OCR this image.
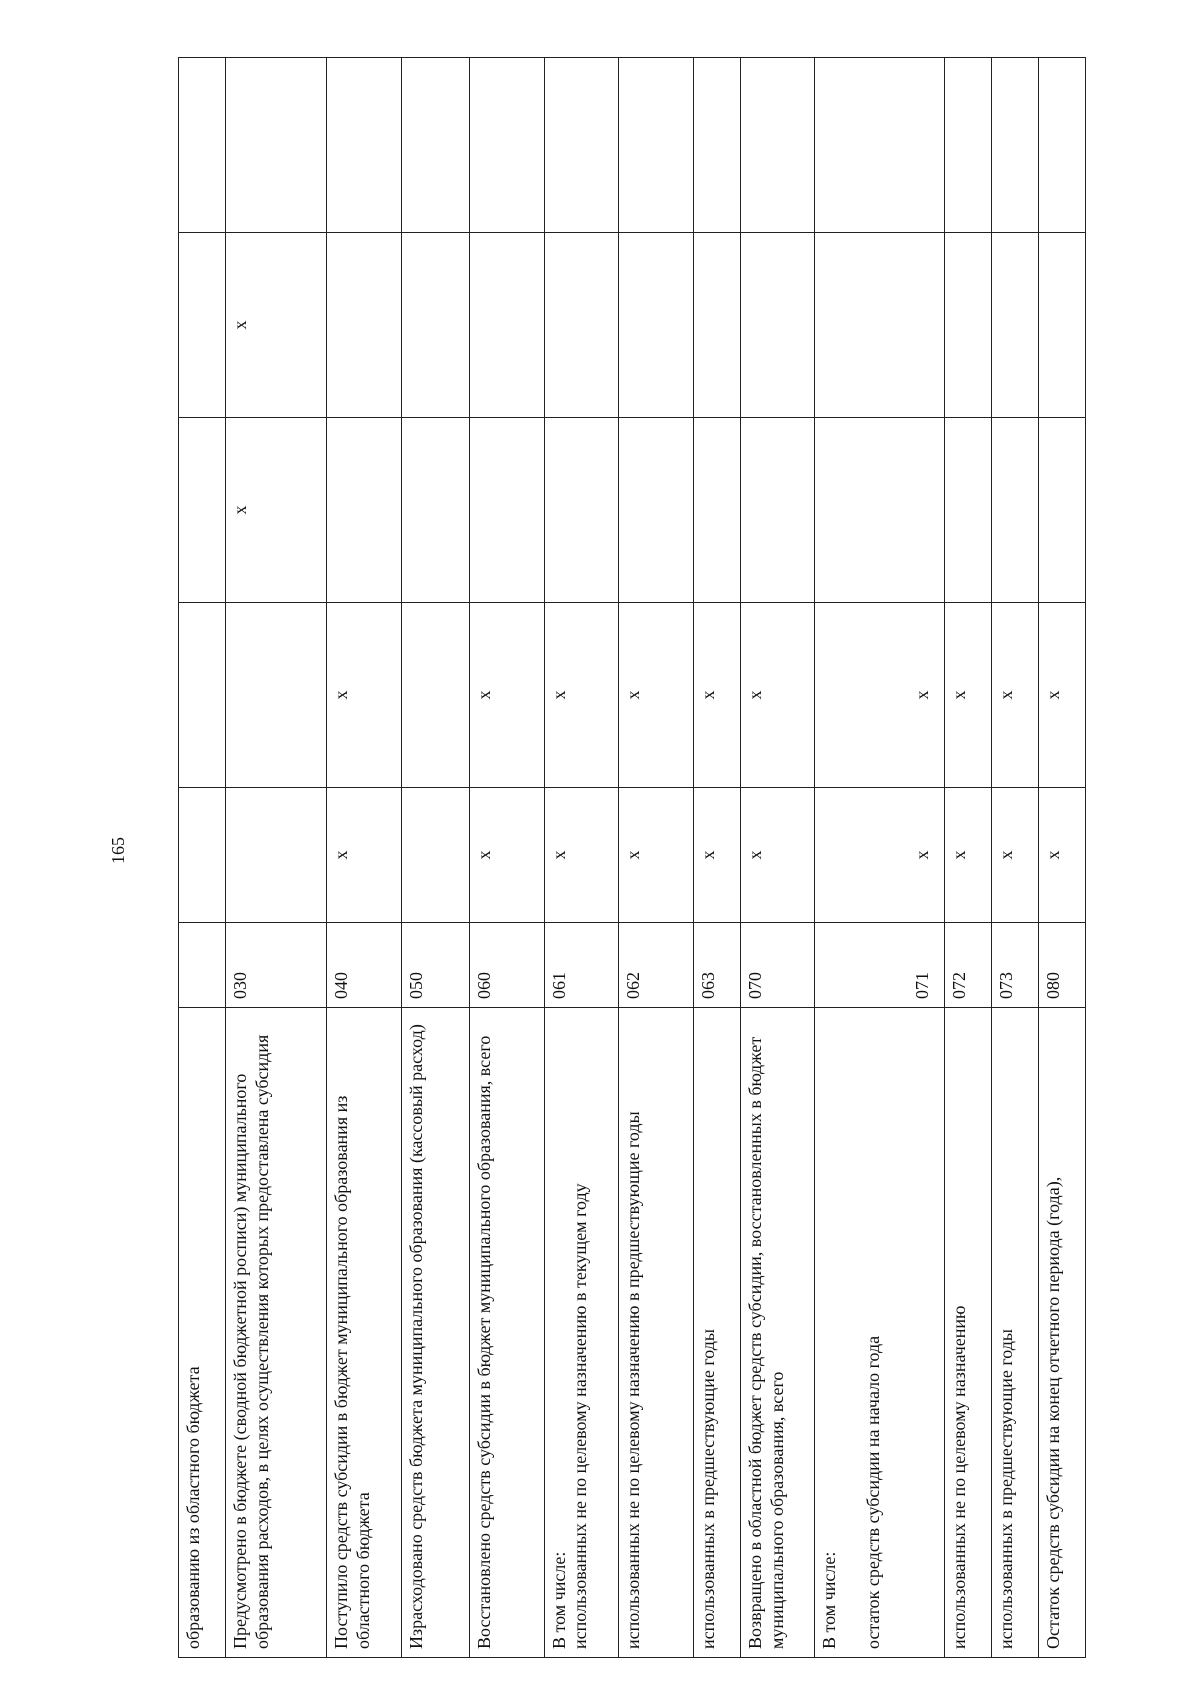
165
образованию из областного бюджета						

Предусмотрено в бюджете (сводной бюджетной росписи) муниципального образования расходов, в целях осуществления которых предоставлена субсидия	030			x	x	

Поступило средств субсидии в бюджет муниципального образования из областного бюджета	040	x	x			

Израсходовано средств бюджета муниципального образования (кассовый расход)	050					

Восстановлено средств субсидии в бюджет муниципального образования, всего	060	x	x			

В том числе: использованных не по целевому назначению в текущем году	061	x	x			

использованных не по целевому назначению в предшествующие годы	062	x	x			

использованных в предшествующие годы	063	x	x			

Возвращено в областной бюджет средств субсидии, восстановленных в бюджет муниципального образования, всего	070	x	x			

В том числе: остаток средств субсидии на начало года	071	x	x			

использованных не по целевому назначению	072	x	x			

использованных в предшествующие годы	073	x	x			

Остаток средств субсидии на конец отчетного периода (года),	080	x	x			
